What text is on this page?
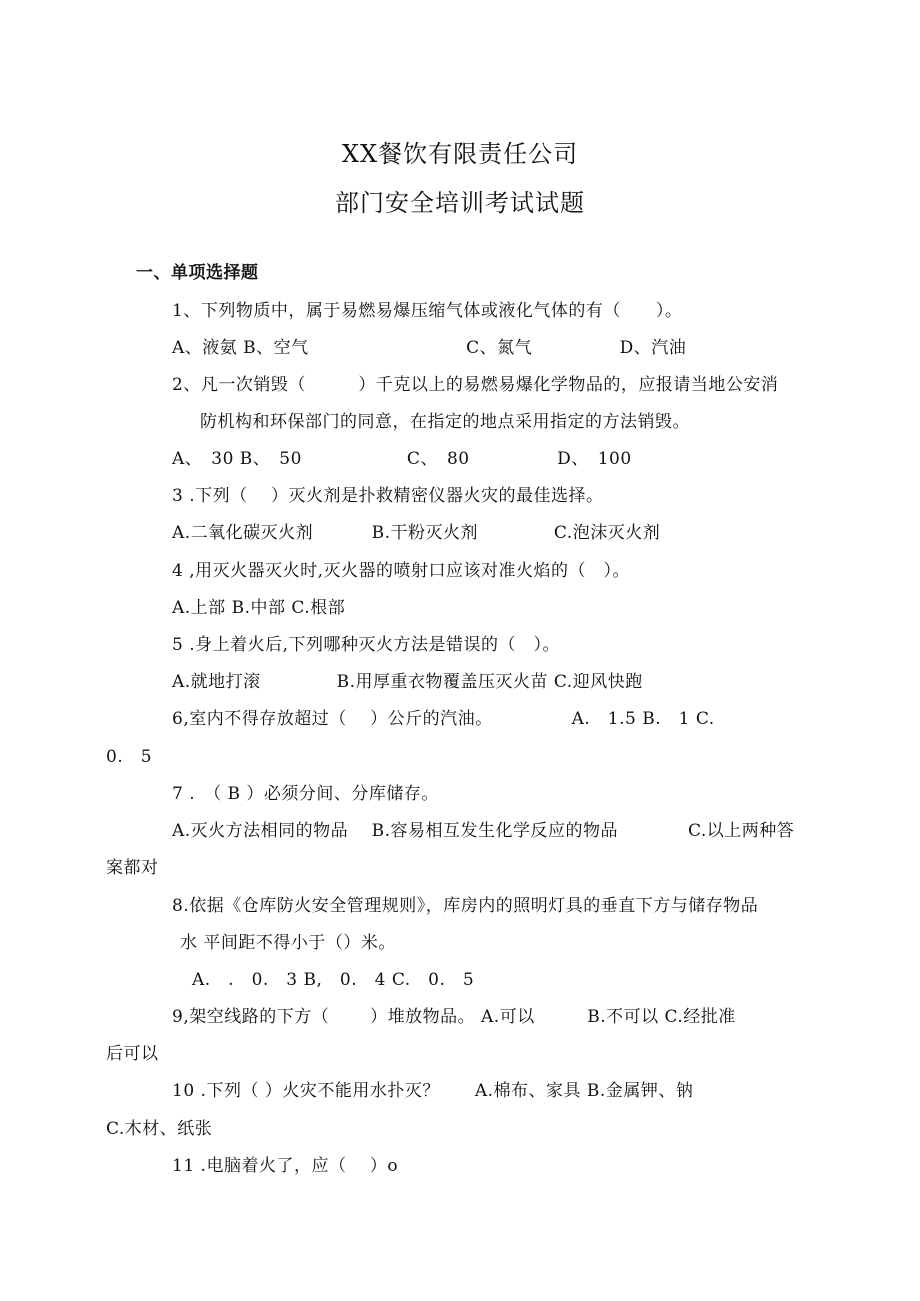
XX餐饮有限责任公司
部门安全培训考试试题
一、单项选择题
1、下列物质中，属于易燃易爆压缩气体或液化气体的有（　　）。
A、液氨 B、空气　　　　　　　　　C、氮气　　　　　D、汽油
2、凡一次销毁（　　　）千克以上的易燃易爆化学物品的，应报请当地公安消
防机构和环保部门的同意，在指定的地点采用指定的方法销毁。
A、　30 B、　50　　　　　　C、　80　　　　　D、　100
3 .下列（　 ）灭火剂是扑救精密仪器火灾的最佳选择。
A.二氧化碳灭火剂　　　 B.干粉灭火剂　　　　 C.泡沫灭火剂
4 ,用灭火器灭火时,灭火器的喷射口应该对准火焰的（　）。
A.上部 B.中部 C.根部
5 .身上着火后,下列哪种灭火方法是错误的（　）。
A.就地打滚　　　　 B.用厚重衣物覆盖压灭火苗 C.迎风快跑
6,室内不得存放超过（　 ）公斤的汽油。　　　　　A.　1.5 B.　1 C.
0.　5
7 .　（ B ）必须分间、分库储存。
A.灭火方法相同的物品　 B.容易相互发生化学反应的物品　　　　C.以上两种答
案都对
8.依据《仓库防火安全管理规则》，库房内的照明灯具的垂直下方与储存物品
水 平间距不得小于（）米。
A.　.　0.　3 B,　0.　4 C.　0.　5
9,架空线路的下方（　　 ）堆放物品。 A.可以　　　B.不可以 C.经批准
后可以
10 .下列（ ）火灾不能用水扑灭？　　A.棉布、家具 B.金属钾、钠
C.木材、纸张
11 .电脑着火了，应（　 ）o
